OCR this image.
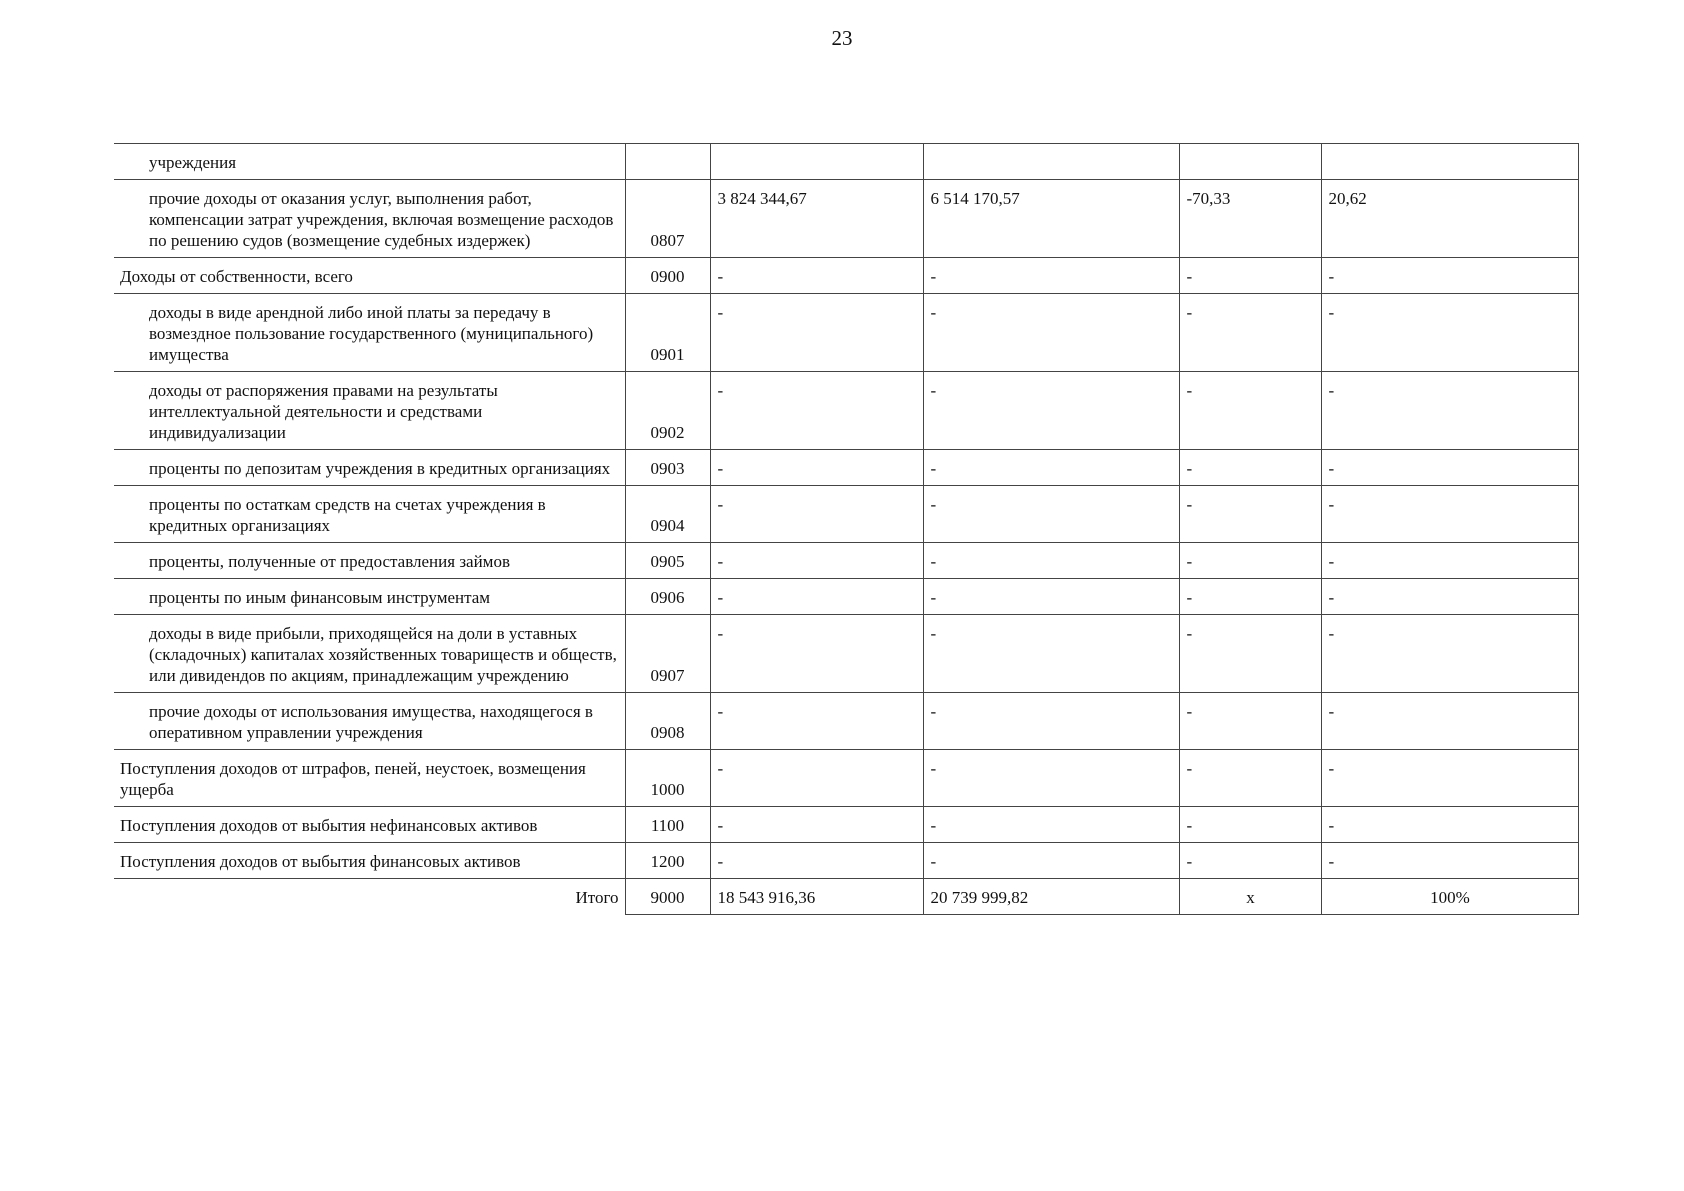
23
учреждения					
прочие доходы от оказания услуг, выполнения работ, компенсации затрат учреждения, включая возмещение расходов по решению судов (возмещение судебных издержек)	0807	3 824 344,67	6 514 170,57	-70,33	20,62
Доходы от собственности, всего	0900	-	-	-	-
доходы в виде арендной либо иной платы за передачу в возмездное пользование государственного (муниципального) имущества	0901	-	-	-	-
доходы от распоряжения правами на результаты интеллектуальной деятельности и средствами индивидуализации	0902	-	-	-	-
проценты по депозитам учреждения в кредитных организациях	0903	-	-	-	-
проценты по остаткам средств на счетах учреждения в кредитных организациях	0904	-	-	-	-
проценты, полученные от предоставления займов	0905	-	-	-	-
проценты по иным финансовым инструментам	0906	-	-	-	-
доходы в виде прибыли, приходящейся на доли в уставных (складочных) капиталах хозяйственных товариществ и обществ, или дивидендов по акциям, принадлежащим учреждению	0907	-	-	-	-
прочие доходы от использования имущества, находящегося в оперативном управлении учреждения	0908	-	-	-	-
Поступления доходов от штрафов, пеней, неустоек, возмещения ущерба	1000	-	-	-	-
Поступления доходов от выбытия нефинансовых активов	1100	-	-	-	-
Поступления доходов от выбытия финансовых активов	1200	-	-	-	-
Итого	9000	18 543 916,36	20 739 999,82	х	100%
